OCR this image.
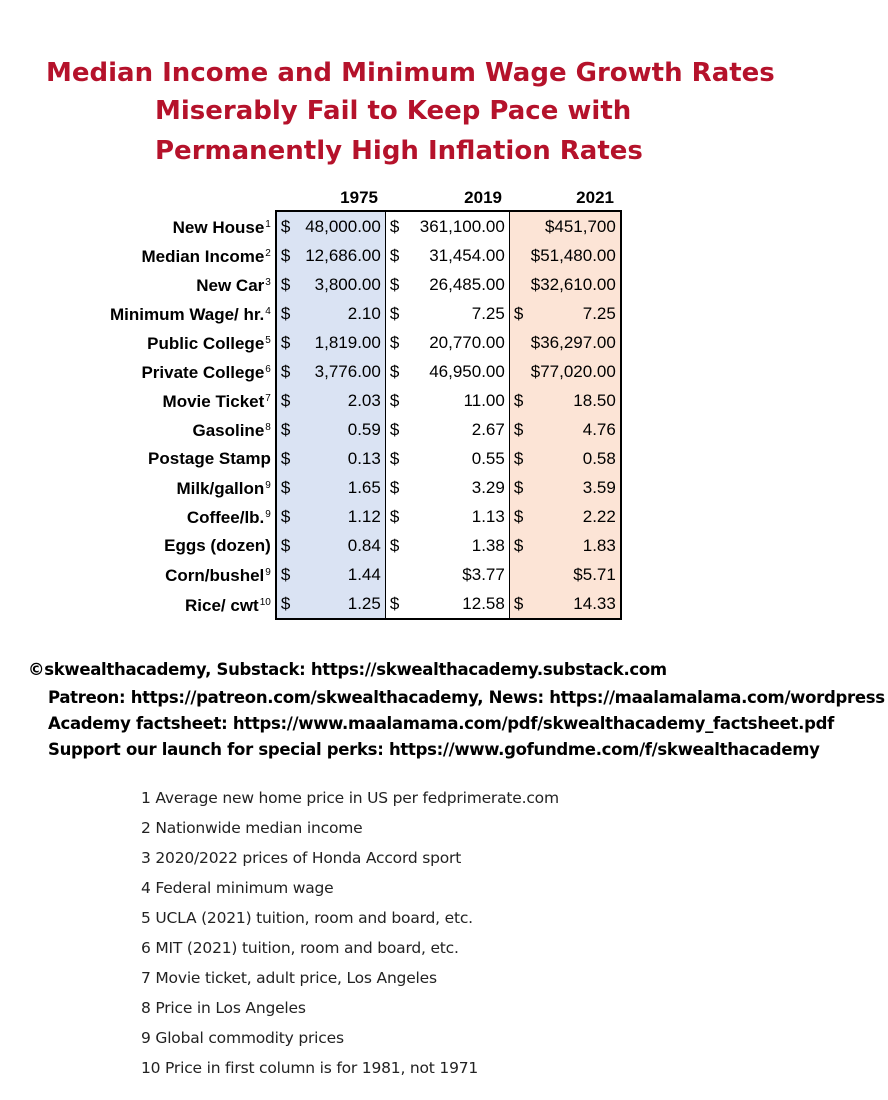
Median Income and Minimum Wage Growth Rates
Miserably Fail to Keep Pace with
Permanently High Inflation Rates
1975	2019	2021
New House$^1$	$ 48,000.00	$ 361,100.00	$451,700

Median Income$^2$	$ 12,686.00	$ 31,454.00	$51,480.00

New Car$^3$	$ 3,800.00	$ 26,485.00	$32,610.00

Minimum Wage/ hr.$^4$	$ 2.10	$ 7.25	$ 7.25

Public College$^5$	$ 1,819.00	$ 20,770.00	$36,297.00

Private College$^6$	$ 3,776.00	$ 46,950.00	$77,020.00

Movie Ticket$^7$	$ 2.03	$ 11.00	$ 18.50

Gasoline$^8$	$ 0.59	$ 2.67	$ 4.76

Postage Stamp	$ 0.13	$ 0.55	$ 0.58

Milk/gallon$^9$	$ 1.65	$ 3.29	$ 3.59

Coffee/lb.$^9$	$ 1.12	$ 1.13	$ 2.22

Eggs (dozen)	$ 0.84	$ 1.38	$ 1.83

Corn/bushel$^9$	$ 1.44	$3.77	$5.71

Rice/ cwt$^{10}$	$ 1.25	$ 12.58	$ 14.33

©skwealthacademy, Substack: https://skwealthacademy.substack.com

Patreon: https://patreon.com/skwealthacademy, News: https://maalamalama.com/wordpress

Academy factsheet: https://www.maalamama.com/pdf/skwealthacademy_factsheet.pdf

Support our launch for special perks: https://www.gofundme.com/f/skwealthacademy

1 Average new home price in US per fedprimerate.com
2 Nationwide median income
3 2020/2022 prices of Honda Accord sport
4 Federal minimum wage
5 UCLA (2021) tuition, room and board, etc.
6 MIT (2021) tuition, room and board, etc.
7 Movie ticket, adult price, Los Angeles
8 Price in Los Angeles
9 Global commodity prices
10 Price in first column is for 1981, not 1971
